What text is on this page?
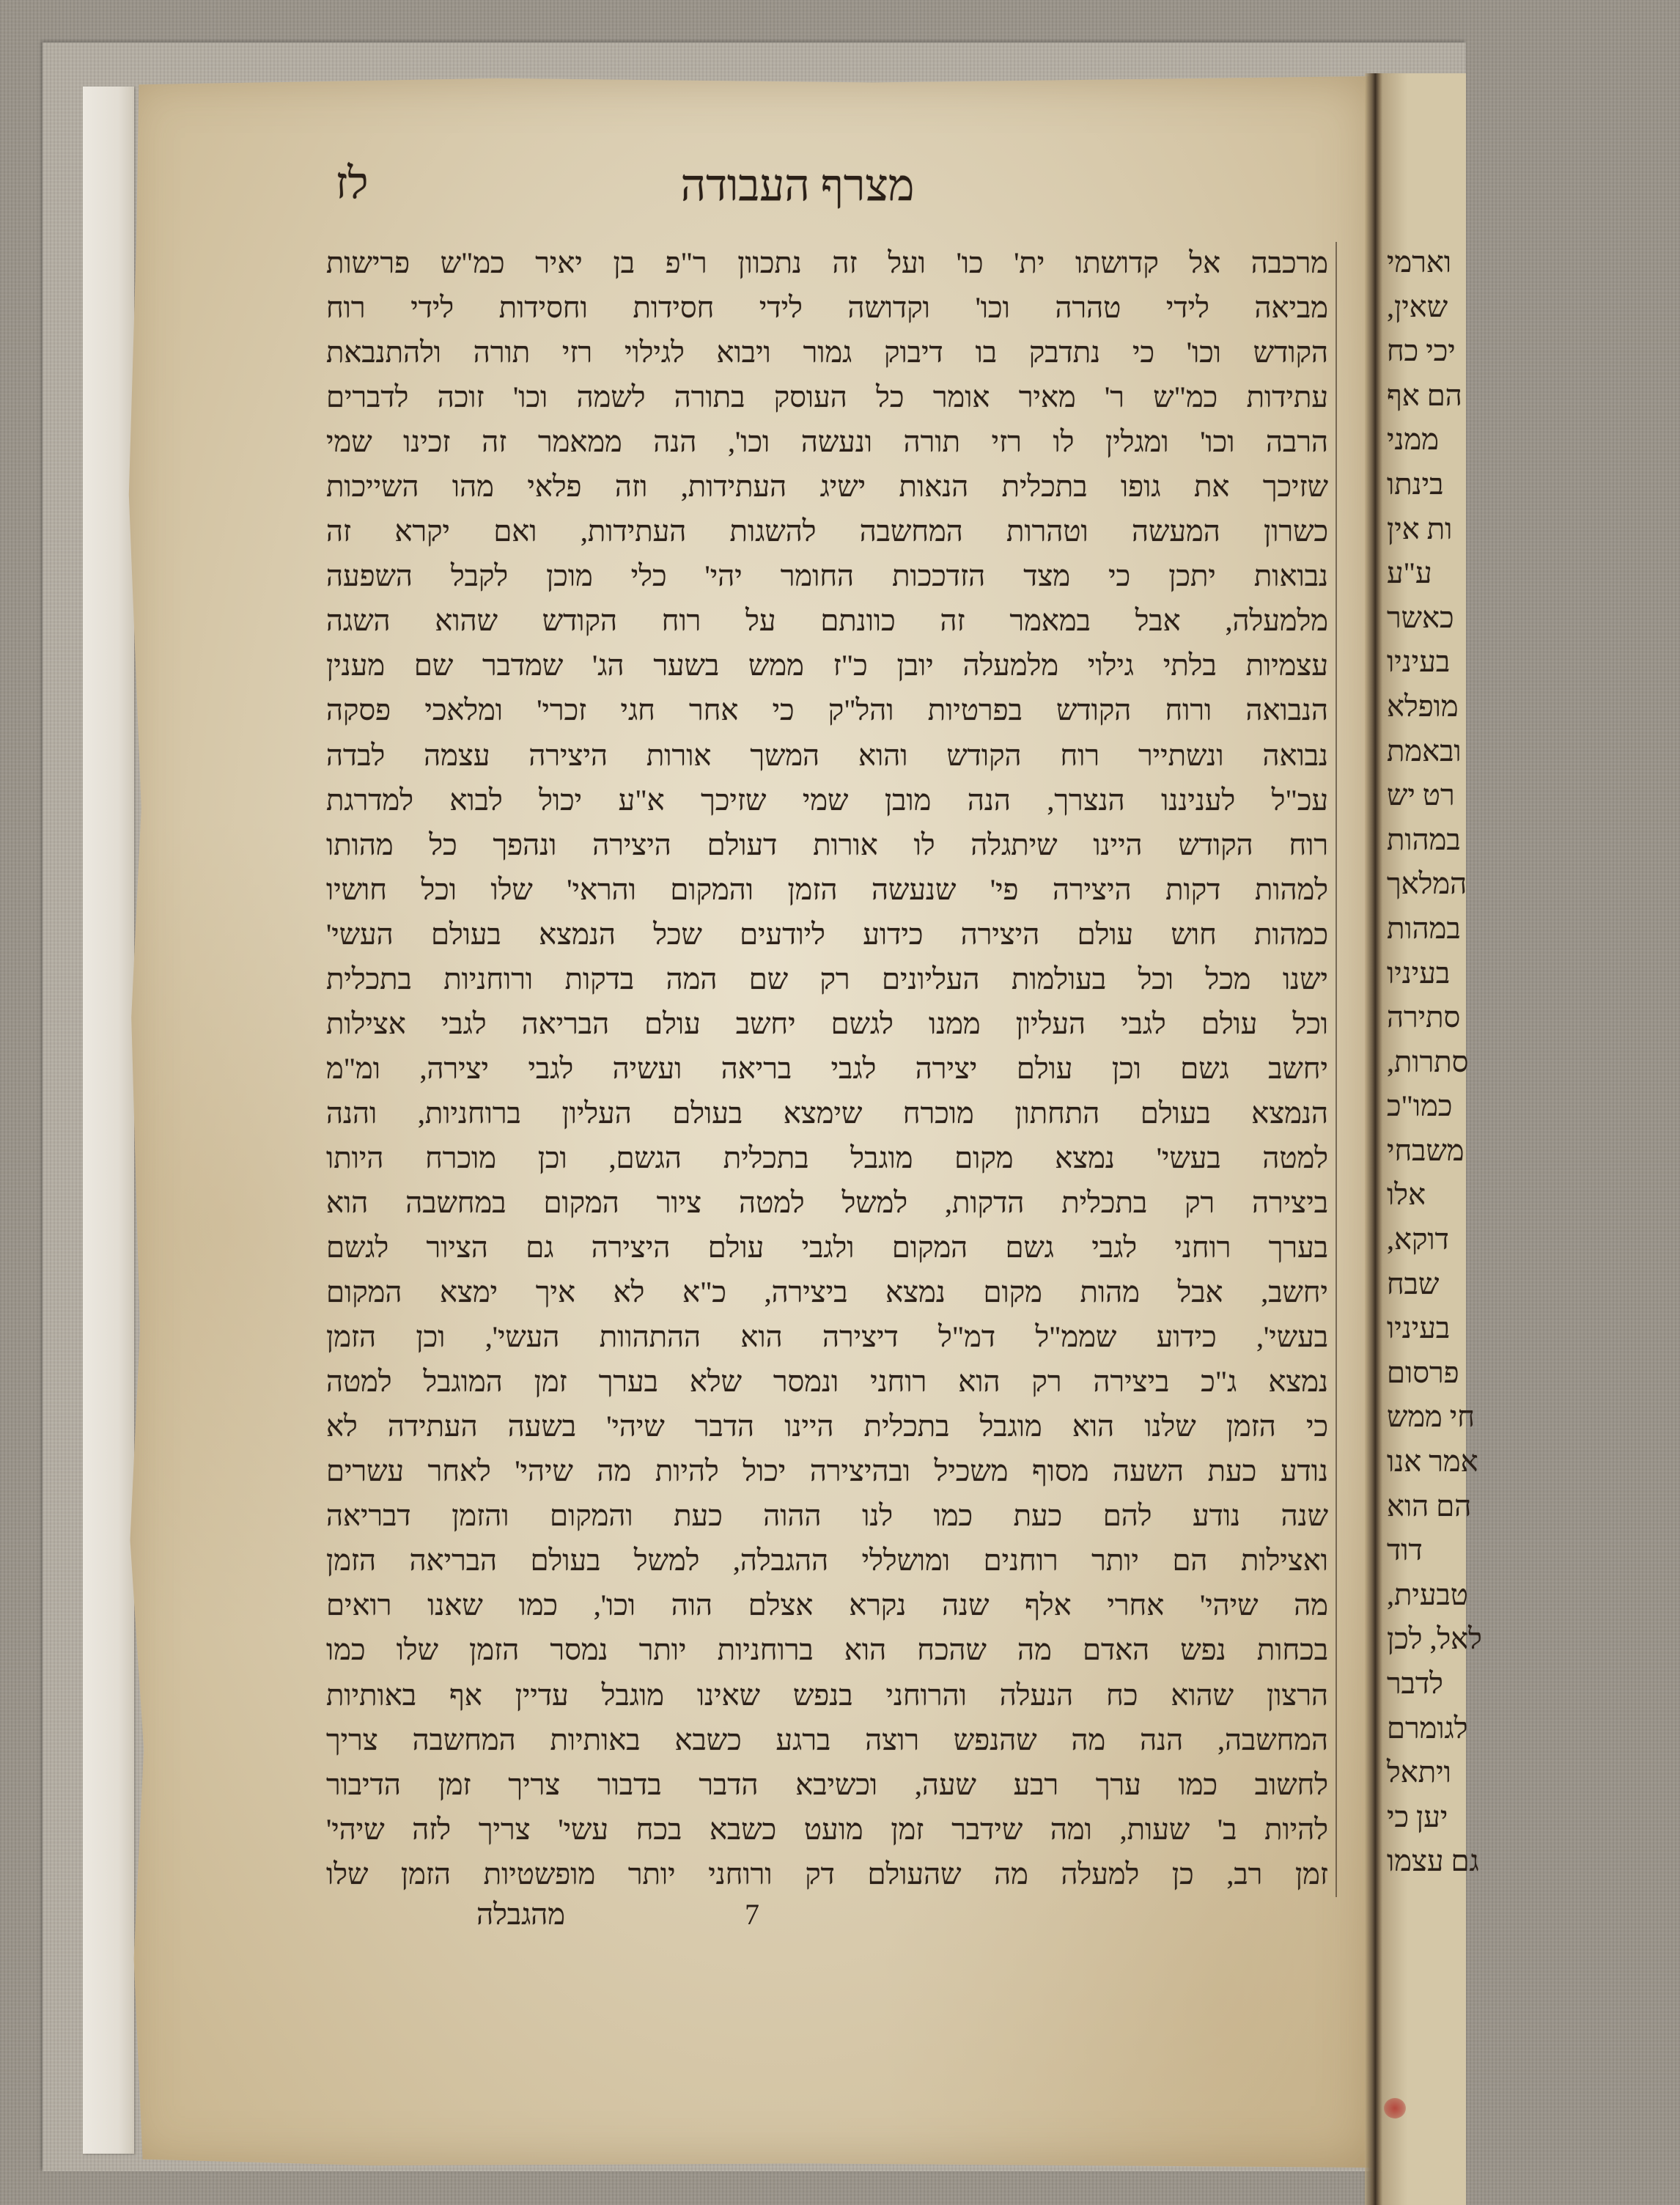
מצרף העבודה
לז
מרכבה אל קדושתו ית' כו' ועל זה נתכוון ר"פ בן יאיר כמ"ש פרישות
מביאה לידי טהרה וכו' וקדושה לידי חסידות וחסידות לידי רוח
הקודש וכו' כי נתדבק בו דיבוק גמור ויבוא לגילוי רזי תורה ולהתנבאת
עתידות כמ"ש ר' מאיר אומר כל העוסק בתורה לשמה וכו' זוכה לדברים
הרבה וכו' ומגלין לו רזי תורה ונעשה וכו', הנה ממאמר זה זכינו שמי
שזיכך את גופו בתכלית הנאות ישיג העתידות, וזה פלאי מהו השייכות
כשרון המעשה וטהרות המחשבה להשגות העתידות, ואם יקרא זה
נבואות יתכן כי מצד הזדככות החומר יהי' כלי מוכן לקבל השפעה
מלמעלה, אבל במאמר זה כוונתם על רוח הקודש שהוא השגה
עצמיות בלתי גילוי מלמעלה יובן כ"ז ממש בשער הג' שמדבר שם מענין
הנבואה ורוח הקודש בפרטיות והל"ק כי אחר חגי זכרי' ומלאכי פסקה
נבואה ונשתייר רוח הקודש והוא המשך אורות היצירה עצמה לבדה
עכ"ל לעניננו הנצרך, הנה מובן שמי שזיכך א"ע יכול לבוא למדרגת
רוח הקודש היינו שיתגלה לו אורות דעולם היצירה ונהפך כל מהותו
למהות דקות היצירה פי' שנעשה הזמן והמקום והראי' שלו וכל חושיו
כמהות חוש עולם היצירה כידוע ליודעים שכל הנמצא בעולם העשי'
ישנו מכל וכל בעולמות העליונים רק שם המה בדקות ורוחניות בתכלית
וכל עולם לגבי העליון ממנו לגשם יחשב עולם הבריאה לגבי אצילות
יחשב גשם וכן עולם יצירה לגבי בריאה ועשיה לגבי יצירה, ומ"מ
הנמצא בעולם התחתון מוכרח שימצא בעולם העליון ברוחניות, והנה
למטה בעשי' נמצא מקום מוגבל בתכלית הגשם, וכן מוכרח היותו
ביצירה רק בתכלית הדקות, למשל למטה ציור המקום במחשבה הוא
בערך רוחני לגבי גשם המקום ולגבי עולם היצירה גם הציור לגשם
יחשב, אבל מהות מקום נמצא ביצירה, כ"א לא איך ימצא המקום
בעשי', כידוע שממ"ל דמ"ל דיצירה הוא ההתהוות העשי', וכן הזמן
נמצא ג"כ ביצירה רק הוא רוחני ונמסר שלא בערך זמן המוגבל למטה
כי הזמן שלנו הוא מוגבל בתכלית היינו הדבר שיהי' בשעה העתידה לא
נודע כעת השעה מסוף משכיל ובהיצירה יכול להיות מה שיהי' לאחר עשרים
שנה נודע להם כעת כמו לנו ההוה כעת והמקום והזמן דבריאה
ואצילות הם יותר רוחנים ומושללי ההגבלה, למשל בעולם הבריאה הזמן
מה שיהי' אחרי אלף שנה נקרא אצלם הוה וכו', כמו שאנו רואים
בכחות נפש האדם מה שהכח הוא ברוחניות יותר נמסר הזמן שלו כמו
הרצון שהוא כח הנעלה והרוחני בנפש שאינו מוגבל עדיין אף באותיות
המחשבה, הנה מה שהנפש רוצה ברגע כשבא באותיות המחשבה צריך
לחשוב כמו ערך רבע שעה, וכשיבא הדבר בדבור צריך זמן הדיבור
להיות ב' שעות, ומה שידבר זמן מועט כשבא בכח עשי' צריך לזה שיהי'
זמן רב, כן למעלה מה שהעולם דק ורוחני יותר מופשטיות הזמן שלו
7
מהגבלה
וארמי
שאין,
יכי כח
הם אף
ממני
בינתו
ות אין
ע"ע
כאשר
בעיניו
מופלא
ובאמת
רט יש
במהות
המלאך
במהות
בעיניו
סתירה
סתרות,
כמו"כ
משבחי
אלו
דוקא,
שבח
בעיניו
פרסום
חי ממש
אמר אנו
הם הוא
דוד
טבעית,
לאל, לכן
לדבר
לגומרם
ויתאל
יען כי
גם עצמו
